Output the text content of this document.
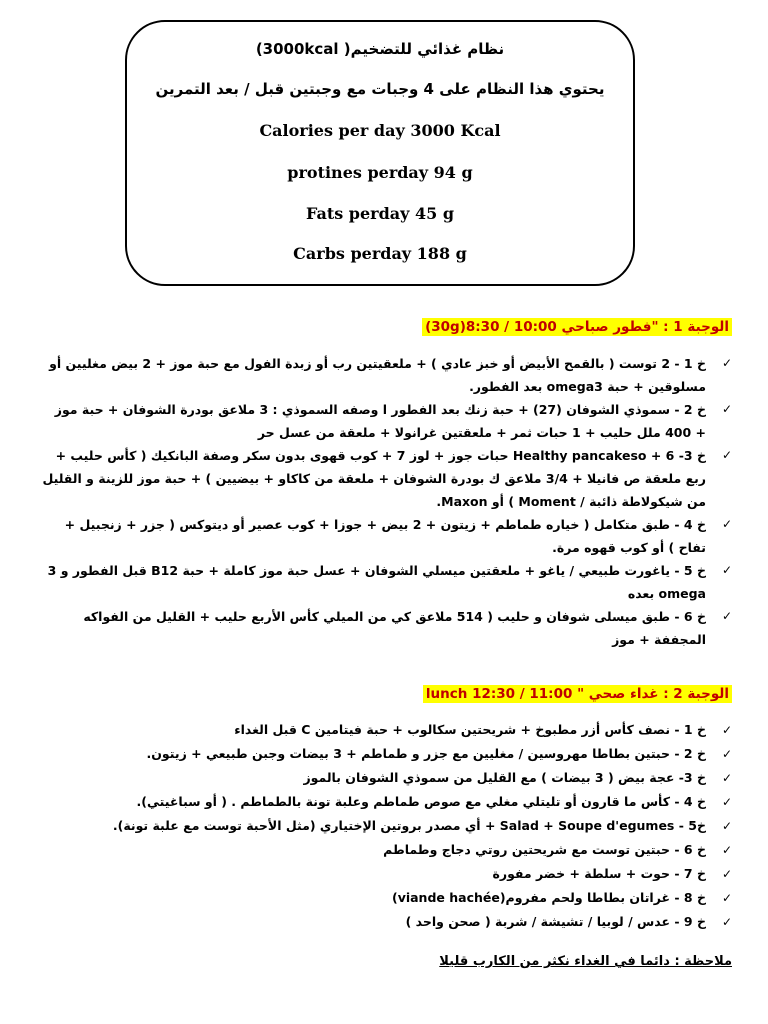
نظام غذائي للتضخيم( 3000kcal)
يحتوي هذا النظام على 4 وجبات مع وجبتين قبل / بعد التمرين
Calories per day 3000 Kcal
protines perday 94 g
Fats perday 45 g
Carbs perday 188 g
الوجبة 1 : "فطور صباحي 10:00 / 8:30(30g)
✓
خ 1 - 2 توست ( بالقمح الأبيض أو خبز عادي ) + ملعقيتين رب أو زبدة الفول مع حبة موز + 2 بيض مغليين أو مسلوقين + حبة omega3 بعد الفطور.
✓
خ 2 - سموذي الشوفان (27) + حبة زنك بعد الفطور ا وصفه السموذي : 3 ملاعق بودرة الشوفان + حبة موز + 400 ملل حليب + 1 حبات ثمر + ملعقتين غرانولا + ملعقة من عسل حر
✓
خ 3- Healthy pancakeso + 6 حبات جوز + لوز 7 + كوب قهوى بدون سكر وصفة البانكيك ( كأس حليب + ربع ملعقة ص فانيلا + 3/4 ملاعق ك بودرة الشوفان + ملعقة من كاكاو + بيضيين ) + حبة موز للزينة و القليل من شيكولاطة ذائبة / Moment ) أو Maxon.
✓
خ 4 - طبق متكامل ( خياره طماطم + زيتون + 2 بيض + جوزا + كوب عصير أو ديتوكس ( جزر + زنجبيل + تفاح ) أو كوب قهوه مرة.
✓
خ 5 - ياغورت طبيعي / ياغو + ملعقتين ميسلي الشوفان + عسل حبة موز كاملة + حبة B12 قبل الفطور و 3 omega بعده
✓
خ 6 - طبق ميسلى شوفان و حليب ( 514 ملاعق كي من الميلي كأس الأربع حليب + القليل من الفواكه المجففة + موز
الوجبة 2 : غداء صحي " 11:00 / 12:30 lunch
✓
خ 1 - نصف كأس أزر مطبوخ + شريحتين سكالوب + حبة فيتامين C قبل الغداء
✓
خ 2 - حبتين بطاطا مهروسين / مغليين مع جزر و طماطم + 3 بيضات وجبن طبيعي + زيتون.
✓
خ 3- عجة بيض ( 3 بيضات ) مع القليل من سموذي الشوفان بالموز
✓
خ 4 - كأس ما قارون أو تليتلي مغلي مع صوص طماطم وعلبة تونة بالطماطم . ( أو سباغيتي).
✓
خ5 - Salad + Soupe d'egumes + أي مصدر بروتين الإختياري (مثل الأحبة توست مع علبة تونة).
✓
خ 6 - حبتين توست مع شريحتين روتي دجاج وطماطم
✓
خ 7 - حوت + سلطة + خضر مفورة
✓
خ 8 - غراتان بطاطا ولحم مفروم(viande hachée)
✓
خ 9 - عدس / لوبيا / تشيشة / شربة ( صحن واحد )
ملاحظة : دائما في الغداء نكثر من الكارب قليلا
